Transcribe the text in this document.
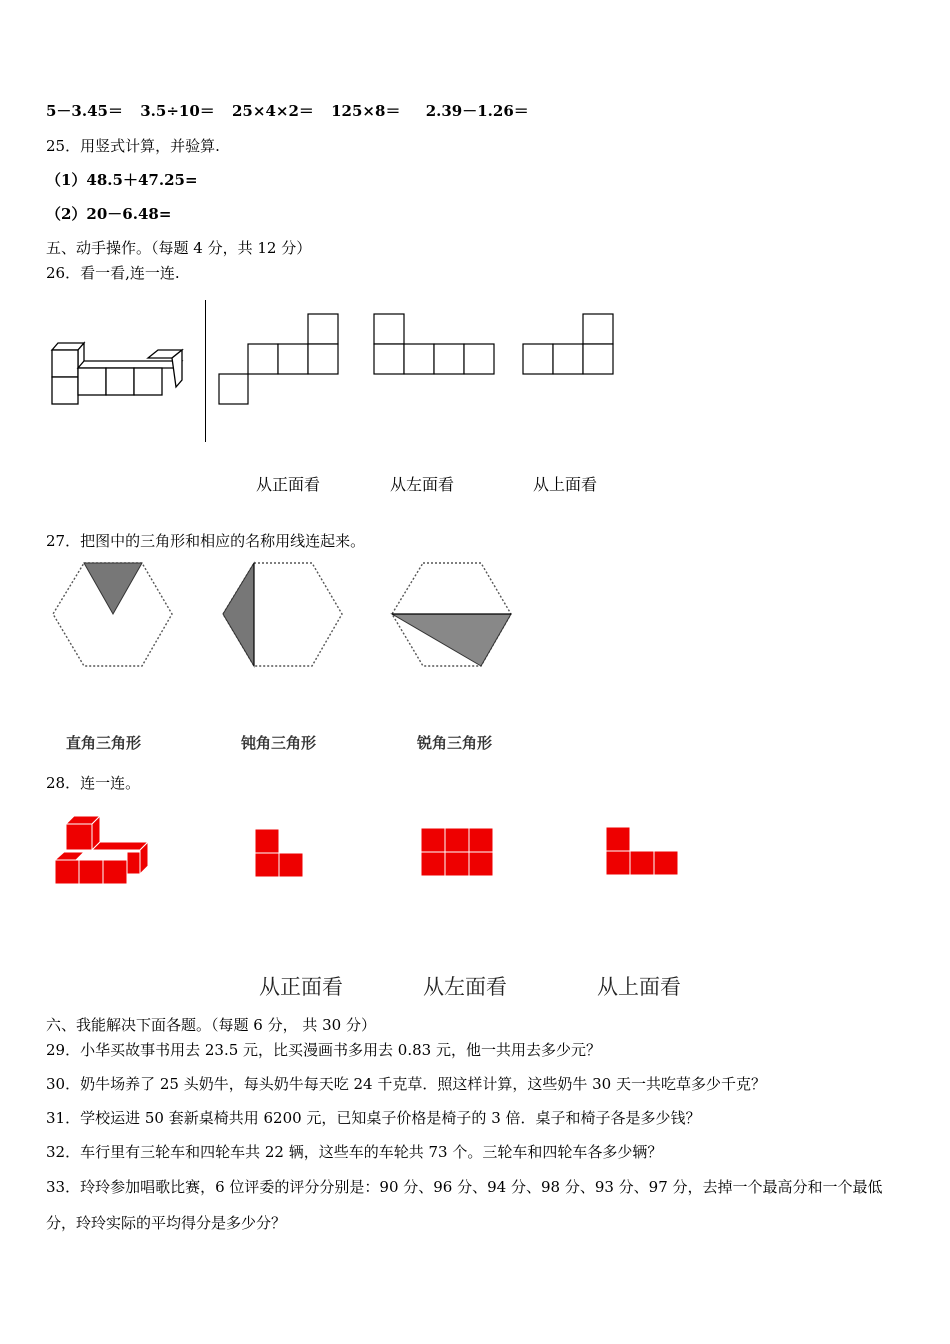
5－3.45＝ 3.5÷10＝ 25×4×2＝ 125×8＝ 2.39－1.26＝
25．用竖式计算，并验算.
（1）48.5＋47.25=
（2）20－6.48=
五、动手操作。（每题 4 分，共 12 分）
26．看一看,连一连.
从正面看	从左面看	从上面看
27．把图中的三角形和相应的名称用线连起来。
直角三角形	钝角三角形	锐角三角形
28．连一连。
从正面看	从左面看	从上面看
六、我能解决下面各题。（每题 6 分， 共 30 分）
29．小华买故事书用去 23.5 元，比买漫画书多用去 0.83 元，他一共用去多少元？
30．奶牛场养了 25 头奶牛，每头奶牛每天吃 24 千克草．照这样计算，这些奶牛 30 天一共吃草多少千克？
31．学校运进 50 套新桌椅共用 6200 元，已知桌子价格是椅子的 3 倍．桌子和椅子各是多少钱？
32．车行里有三轮车和四轮车共 22 辆，这些车的车轮共 73 个。三轮车和四轮车各多少辆？
33．玲玲参加唱歌比赛，6 位评委的评分分别是：90 分、96 分、94 分、98 分、93 分、97 分，去掉一个最高分和一个最低
分，玲玲实际的平均得分是多少分？
